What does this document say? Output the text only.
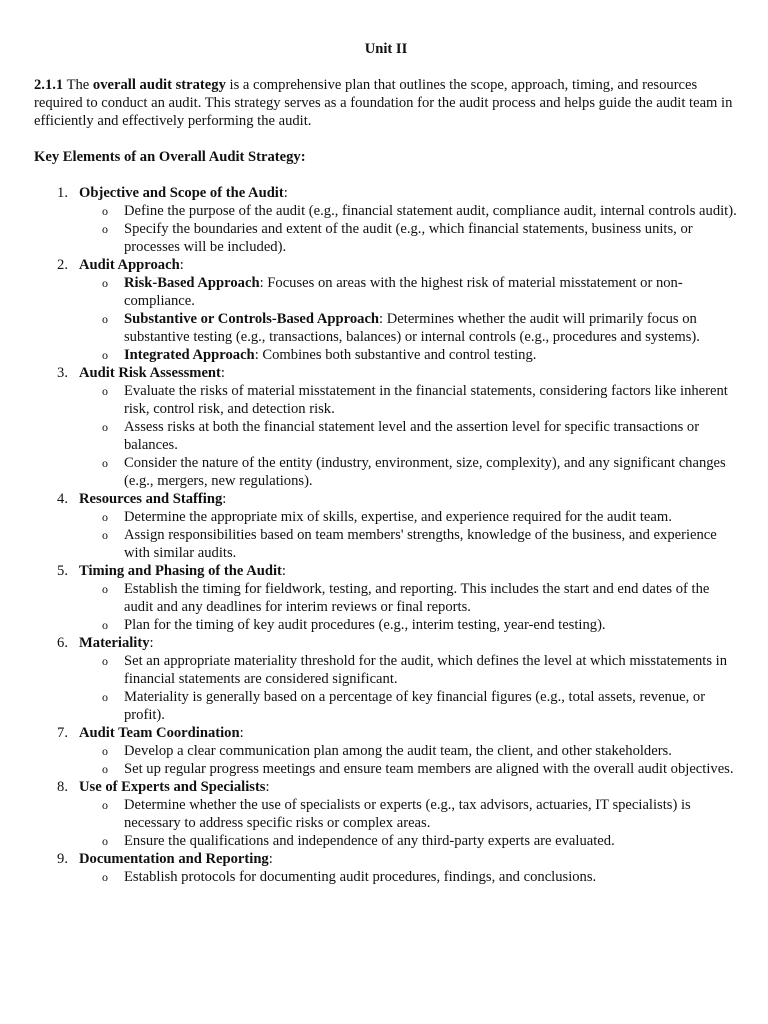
Unit II

2.1.1 The overall audit strategy is a comprehensive plan that outlines the scope, approach, timing, and resources required to conduct an audit. This strategy serves as a foundation for the audit process and helps guide the audit team in efficiently and effectively performing the audit.

Key Elements of an Overall Audit Strategy:

1. Objective and Scope of the Audit:
o Define the purpose of the audit (e.g., financial statement audit, compliance audit, internal controls audit).
o Specify the boundaries and extent of the audit (e.g., which financial statements, business units, or processes will be included).
2. Audit Approach:
o Risk-Based Approach: Focuses on areas with the highest risk of material misstatement or non-compliance.
o Substantive or Controls-Based Approach: Determines whether the audit will primarily focus on substantive testing (e.g., transactions, balances) or internal controls (e.g., procedures and systems).
o Integrated Approach: Combines both substantive and control testing.
3. Audit Risk Assessment:
o Evaluate the risks of material misstatement in the financial statements, considering factors like inherent risk, control risk, and detection risk.
o Assess risks at both the financial statement level and the assertion level for specific transactions or balances.
o Consider the nature of the entity (industry, environment, size, complexity), and any significant changes (e.g., mergers, new regulations).
4. Resources and Staffing:
o Determine the appropriate mix of skills, expertise, and experience required for the audit team.
o Assign responsibilities based on team members' strengths, knowledge of the business, and experience with similar audits.
5. Timing and Phasing of the Audit:
o Establish the timing for fieldwork, testing, and reporting. This includes the start and end dates of the audit and any deadlines for interim reviews or final reports.
o Plan for the timing of key audit procedures (e.g., interim testing, year-end testing).
6. Materiality:
o Set an appropriate materiality threshold for the audit, which defines the level at which misstatements in financial statements are considered significant.
o Materiality is generally based on a percentage of key financial figures (e.g., total assets, revenue, or profit).
7. Audit Team Coordination:
o Develop a clear communication plan among the audit team, the client, and other stakeholders.
o Set up regular progress meetings and ensure team members are aligned with the overall audit objectives.
8. Use of Experts and Specialists:
o Determine whether the use of specialists or experts (e.g., tax advisors, actuaries, IT specialists) is necessary to address specific risks or complex areas.
o Ensure the qualifications and independence of any third-party experts are evaluated.
9. Documentation and Reporting:
o Establish protocols for documenting audit procedures, findings, and conclusions.
